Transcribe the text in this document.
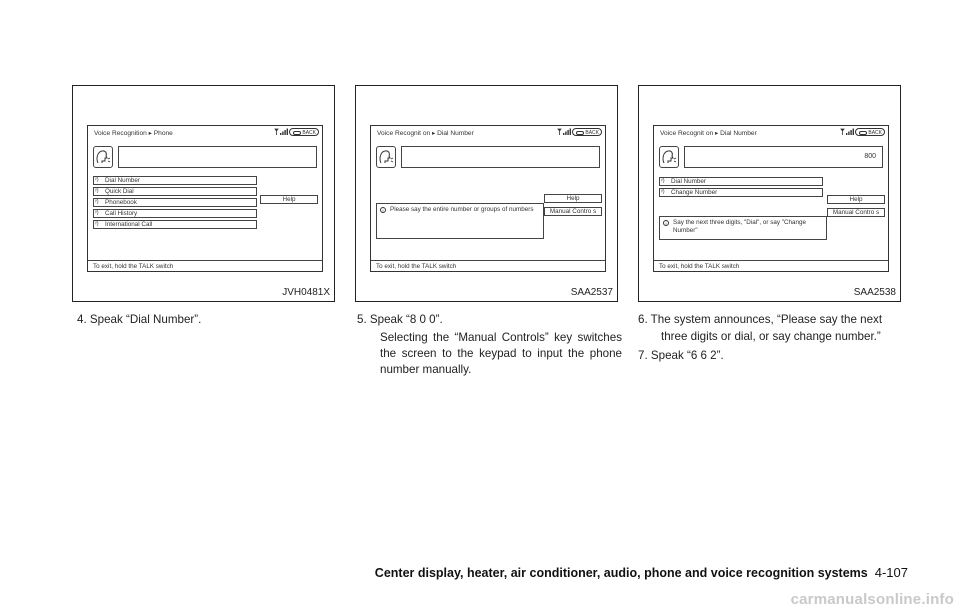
Voice Recognition ▸ Phone	BACK
ᵞ) Dial Number
ᵞ) Quick Dial
ᵞ) Phonebook
ᵞ) Call History
ᵞ) International Call
Help
To exit, hold the TALK switch
JVH0481X
Voice Recognit on ▸ Dial Number	BACK
i	Please say the entire number or groups of numbers
Help
Manual Contro s
To exit, hold the TALK switch
SAA2537
Voice Recognit on ▸ Dial Number	BACK
800
ᵞ) Dial Number
ᵞ) Change Number
i	Say the next three digits, "Dial", or say "Change Number"
Help
Manual Contro s
To exit, hold the TALK switch
SAA2538
4. Speak “Dial Number”.	5. Speak “8 0 0”.
Selecting the “Manual Controls” key switches the screen to the keypad to input the phone number manually.
6. The system announces, “Please say the next
three digits or dial, or say change number.”
7. Speak “6 6 2”.
Center display, heater, air conditioner, audio, phone and voice recognition systems 4-107
carmanualsonline.info
